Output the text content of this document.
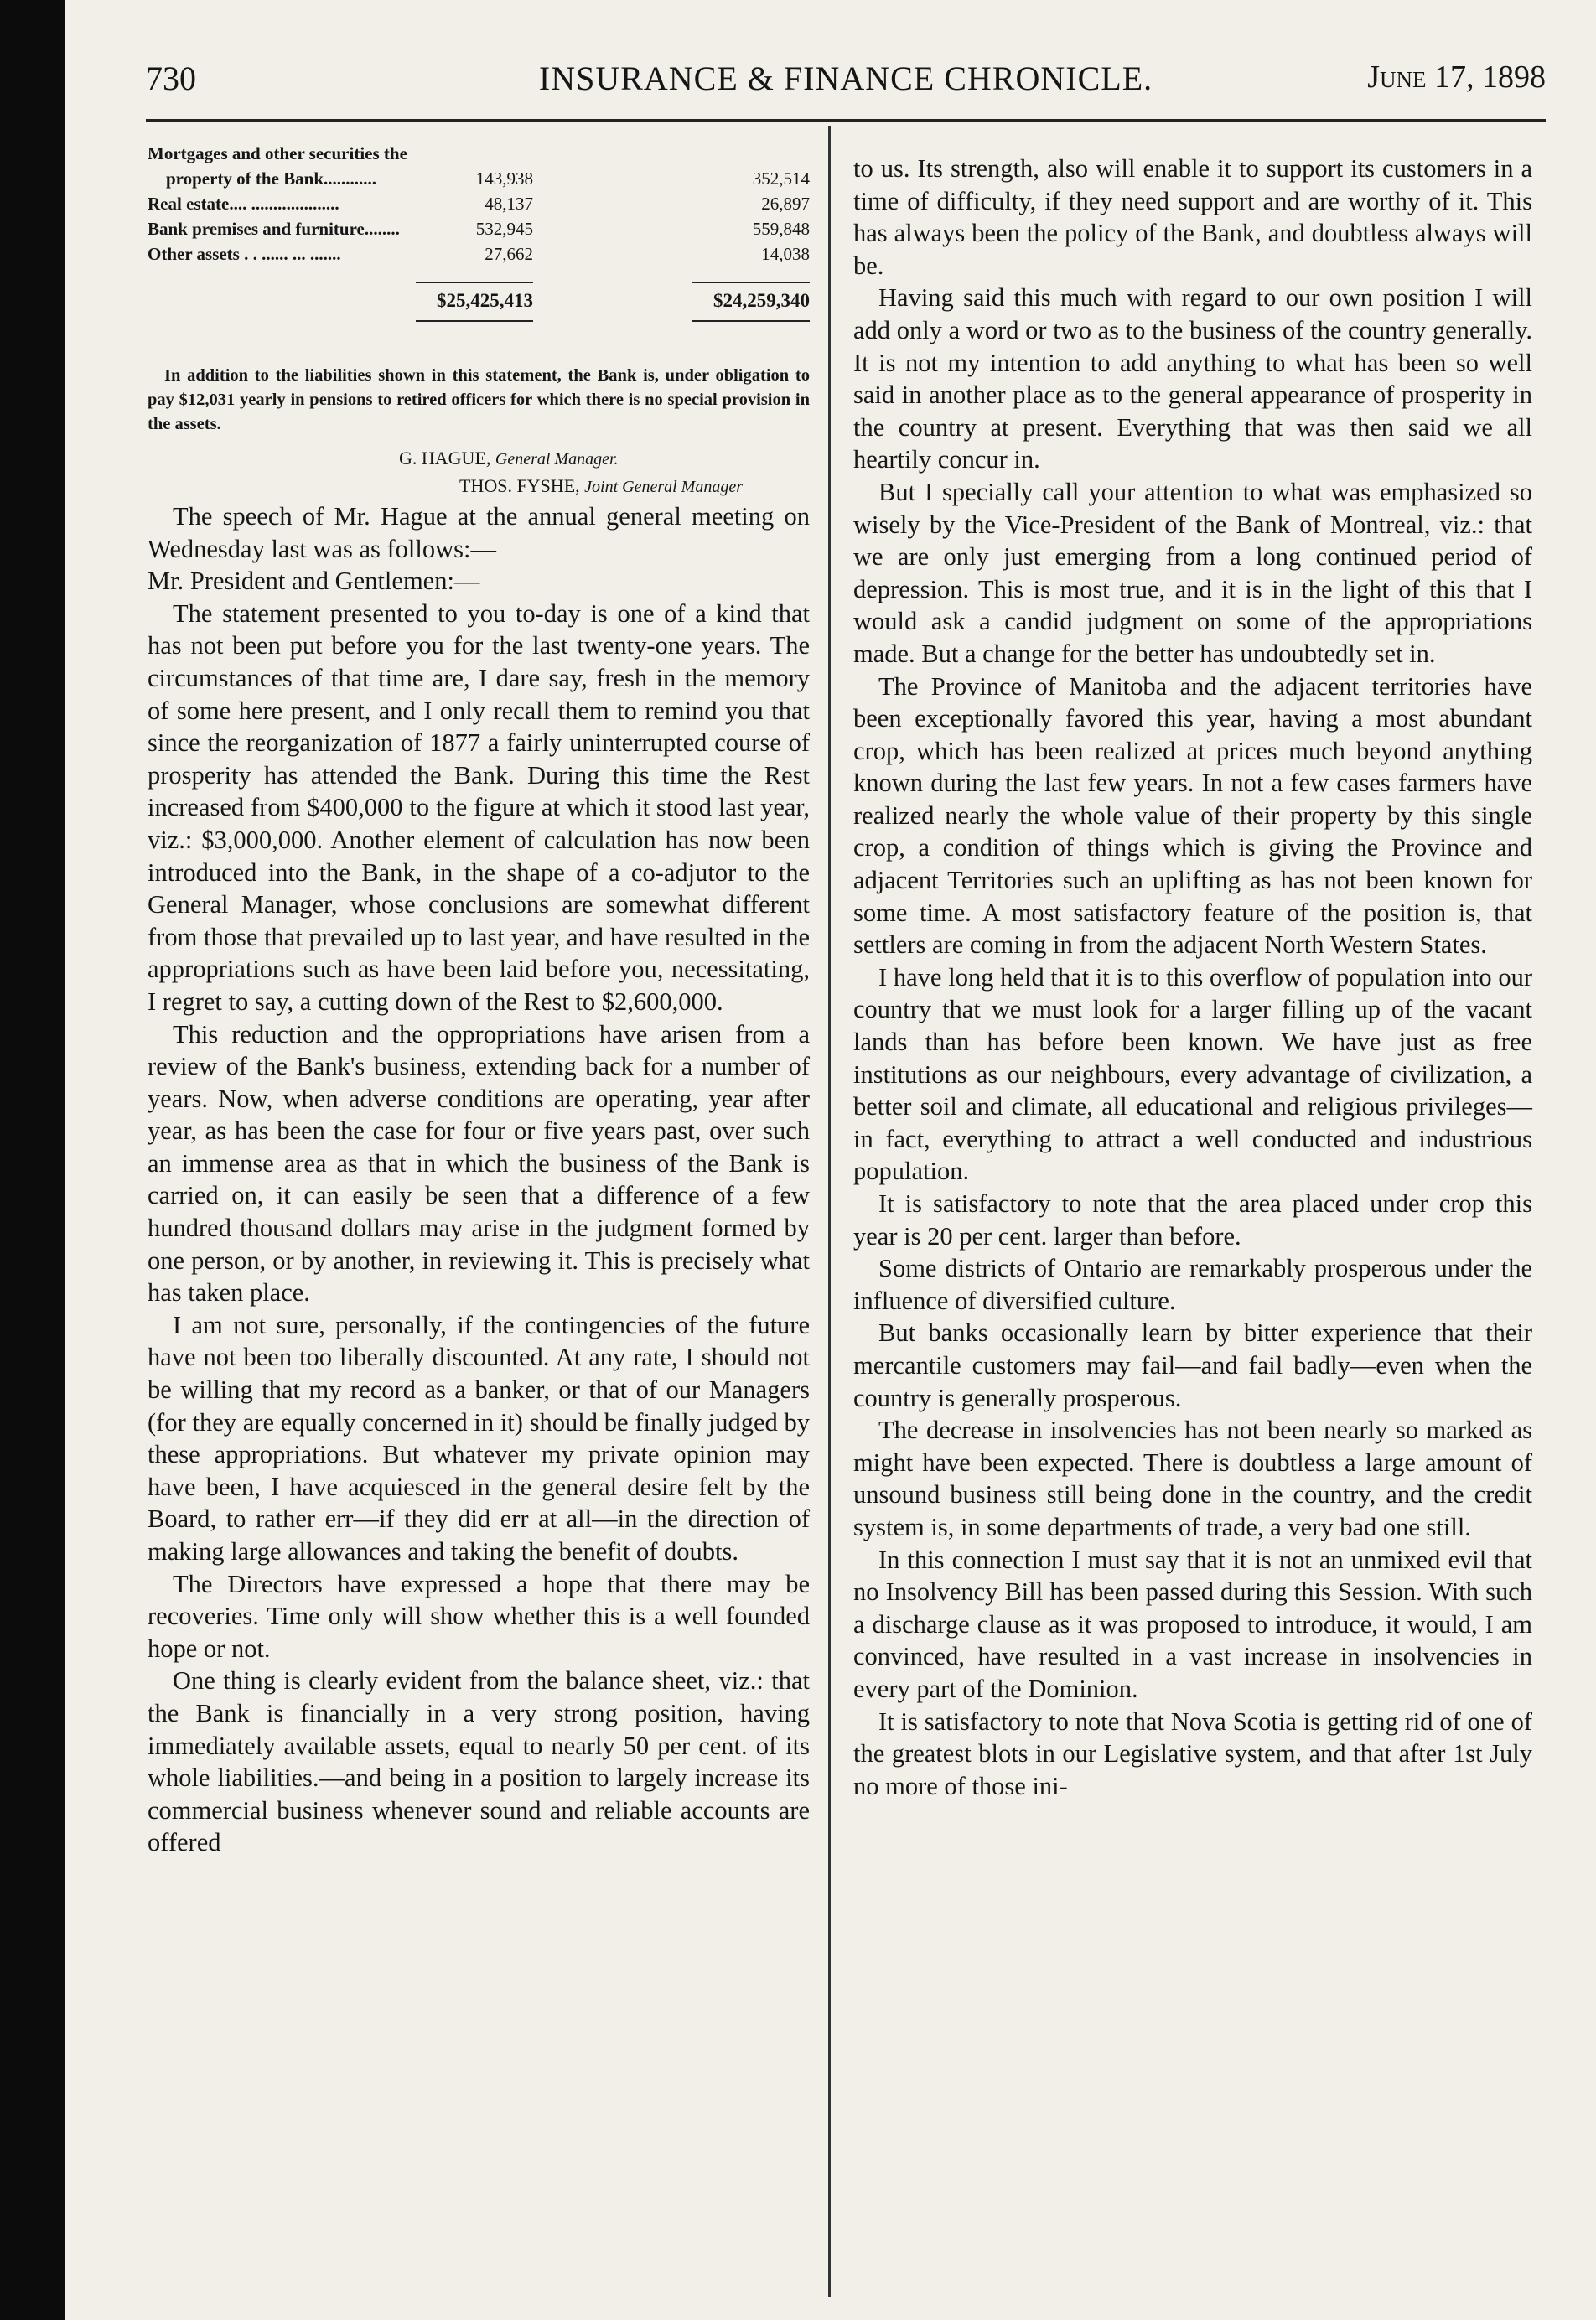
730	INSURANCE & FINANCE CHRONICLE.	June 17, 1898
Mortgages and other securities the
property of the Bank............	143,938	352,514
Real estate.... ....................	48,137	26,897
Bank premises and furniture........	532,945	559,848
Other assets . . ...... ... .......	27,662	14,038
$25,425,413	$24,259,340

In addition to the liabilities shown in this statement, the Bank is, under obligation to pay $12,031 yearly in pensions to retired officers for which there is no special provision in the assets.

G. HAGUE, General Manager.
THOS. FYSHE, Joint General Manager

The speech of Mr. Hague at the annual general meeting on Wednesday last was as follows:—

Mr. President and Gentlemen:—

The statement presented to you to-day is one of a kind that has not been put before you for the last twenty-one years. The circumstances of that time are, I dare say, fresh in the memory of some here present, and I only recall them to remind you that since the reorganization of 1877 a fairly uninterrupted course of prosperity has attended the Bank. During this time the Rest increased from $400,000 to the figure at which it stood last year, viz.: $3,000,000. Another element of calculation has now been introduced into the Bank, in the shape of a co-adjutor to the General Manager, whose conclusions are somewhat different from those that prevailed up to last year, and have resulted in the appropriations such as have been laid before you, necessitating, I regret to say, a cutting down of the Rest to $2,600,000.

This reduction and the oppropriations have arisen from a review of the Bank's business, extending back for a number of years. Now, when adverse conditions are operating, year after year, as has been the case for four or five years past, over such an immense area as that in which the business of the Bank is carried on, it can easily be seen that a difference of a few hundred thousand dollars may arise in the judgment formed by one person, or by another, in reviewing it. This is precisely what has taken place.

I am not sure, personally, if the contingencies of the future have not been too liberally discounted. At any rate, I should not be willing that my record as a banker, or that of our Managers (for they are equally concerned in it) should be finally judged by these appropriations. But whatever my private opinion may have been, I have acquiesced in the general desire felt by the Board, to rather err—if they did err at all—in the direction of making large allowances and taking the benefit of doubts.

The Directors have expressed a hope that there may be recoveries. Time only will show whether this is a well founded hope or not.

One thing is clearly evident from the balance sheet, viz.: that the Bank is financially in a very strong position, having immediately available assets, equal to nearly 50 per cent. of its whole liabilities.—and being in a position to largely increase its commercial business whenever sound and reliable accounts are offered

to us. Its strength, also will enable it to support its customers in a time of difficulty, if they need support and are worthy of it. This has always been the policy of the Bank, and doubtless always will be.

Having said this much with regard to our own position I will add only a word or two as to the business of the country generally. It is not my intention to add anything to what has been so well said in another place as to the general appearance of prosperity in the country at present. Everything that was then said we all heartily concur in.

But I specially call your attention to what was emphasized so wisely by the Vice-President of the Bank of Montreal, viz.: that we are only just emerging from a long continued period of depression. This is most true, and it is in the light of this that I would ask a candid judgment on some of the appropriations made. But a change for the better has undoubtedly set in.

The Province of Manitoba and the adjacent territories have been exceptionally favored this year, having a most abundant crop, which has been realized at prices much beyond anything known during the last few years. In not a few cases farmers have realized nearly the whole value of their property by this single crop, a condition of things which is giving the Province and adjacent Territories such an uplifting as has not been known for some time. A most satisfactory feature of the position is, that settlers are coming in from the adjacent North Western States.

I have long held that it is to this overflow of population into our country that we must look for a larger filling up of the vacant lands than has before been known. We have just as free institutions as our neighbours, every advantage of civilization, a better soil and climate, all educational and religious privileges—in fact, everything to attract a well conducted and industrious population.

It is satisfactory to note that the area placed under crop this year is 20 per cent. larger than before.

Some districts of Ontario are remarkably prosperous under the influence of diversified culture.

But banks occasionally learn by bitter experience that their mercantile customers may fail—and fail badly—even when the country is generally prosperous.

The decrease in insolvencies has not been nearly so marked as might have been expected. There is doubtless a large amount of unsound business still being done in the country, and the credit system is, in some departments of trade, a very bad one still.

In this connection I must say that it is not an unmixed evil that no Insolvency Bill has been passed during this Session. With such a discharge clause as it was proposed to introduce, it would, I am convinced, have resulted in a vast increase in insolvencies in every part of the Dominion.

It is satisfactory to note that Nova Scotia is getting rid of one of the greatest blots in our Legislative system, and that after 1st July no more of those ini-
